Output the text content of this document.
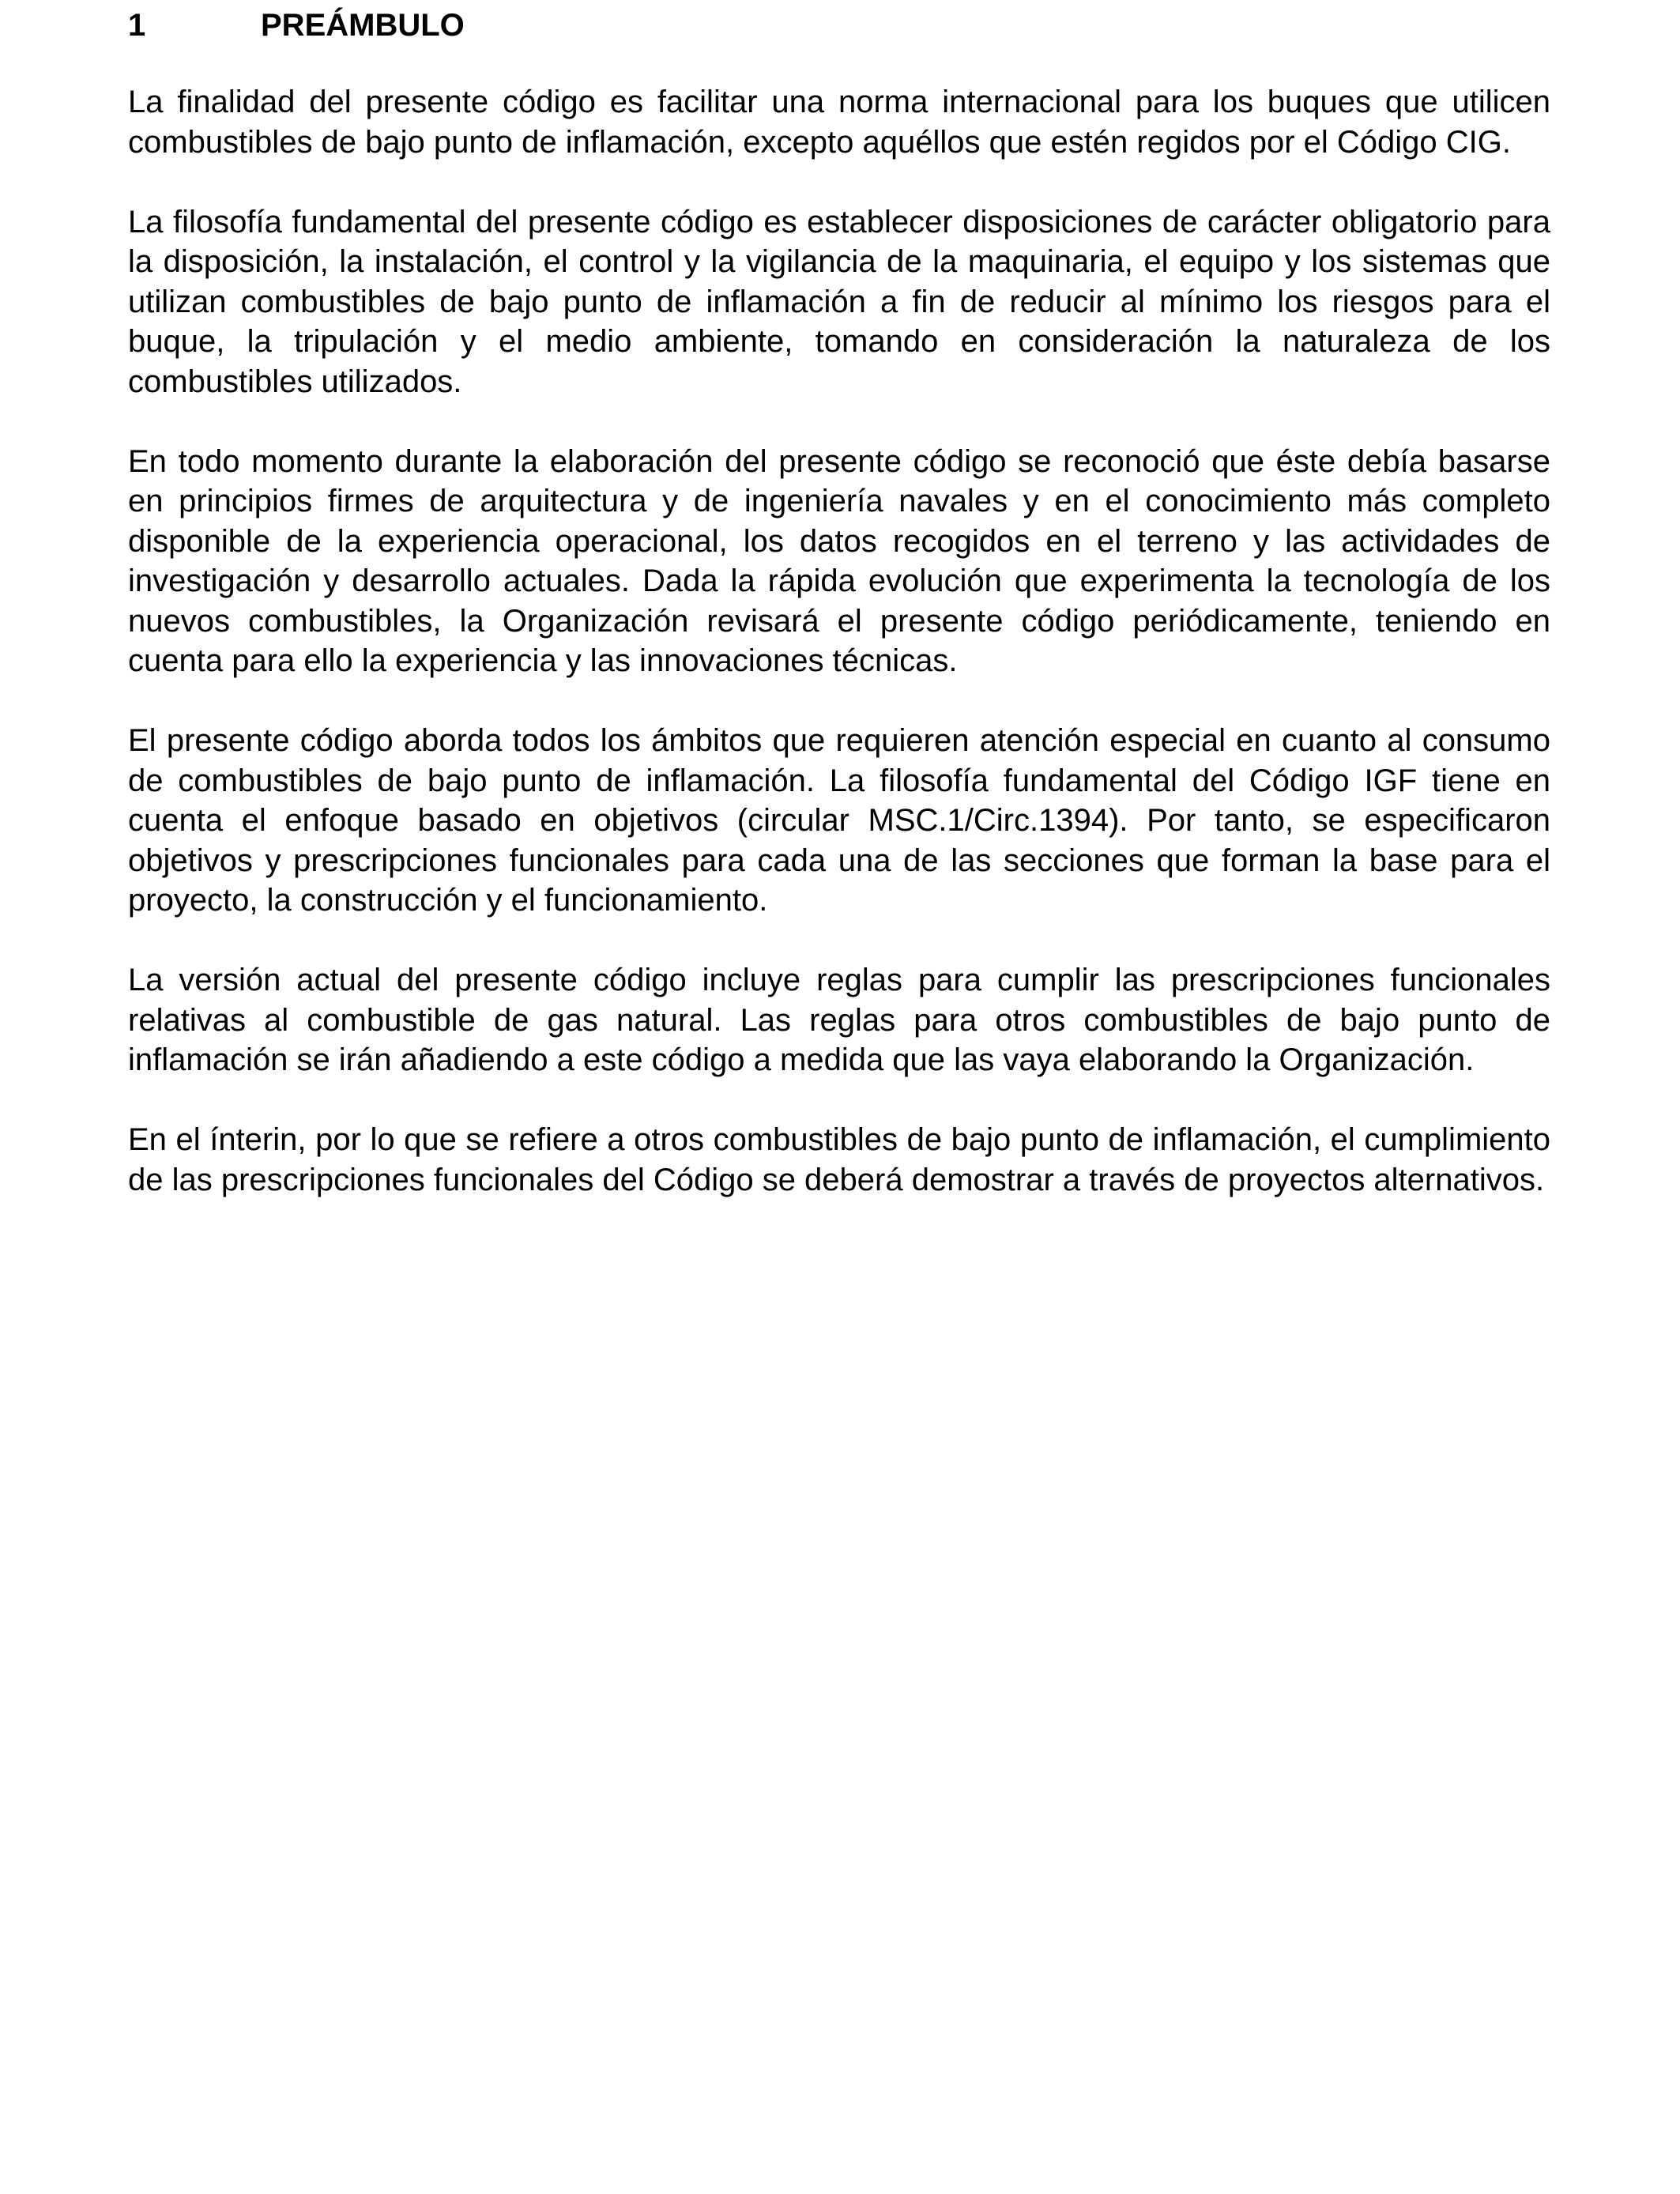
1	PREÁMBULO

La finalidad del presente código es facilitar una norma internacional para los buques que utilicen combustibles de bajo punto de inflamación, excepto aquéllos que estén regidos por el Código CIG.

La filosofía fundamental del presente código es establecer disposiciones de carácter obligatorio para la disposición, la instalación, el control y la vigilancia de la maquinaria, el equipo y los sistemas que utilizan combustibles de bajo punto de inflamación a fin de reducir al mínimo los riesgos para el buque, la tripulación y el medio ambiente, tomando en consideración la naturaleza de los combustibles utilizados.

En todo momento durante la elaboración del presente código se reconoció que éste debía basarse en principios firmes de arquitectura y de ingeniería navales y en el conocimiento más completo disponible de la experiencia operacional, los datos recogidos en el terreno y las actividades de investigación y desarrollo actuales. Dada la rápida evolución que experimenta la tecnología de los nuevos combustibles, la Organización revisará el presente código periódicamente, teniendo en cuenta para ello la experiencia y las innovaciones técnicas.

El presente código aborda todos los ámbitos que requieren atención especial en cuanto al consumo de combustibles de bajo punto de inflamación. La filosofía fundamental del Código IGF tiene en cuenta el enfoque basado en objetivos (circular MSC.1/Circ.1394). Por tanto, se especificaron objetivos y prescripciones funcionales para cada una de las secciones que forman la base para el proyecto, la construcción y el funcionamiento.

La versión actual del presente código incluye reglas para cumplir las prescripciones funcionales relativas al combustible de gas natural. Las reglas para otros combustibles de bajo punto de inflamación se irán añadiendo a este código a medida que las vaya elaborando la Organización.

En el ínterin, por lo que se refiere a otros combustibles de bajo punto de inflamación, el cumplimiento de las prescripciones funcionales del Código se deberá demostrar a través de proyectos alternativos.
